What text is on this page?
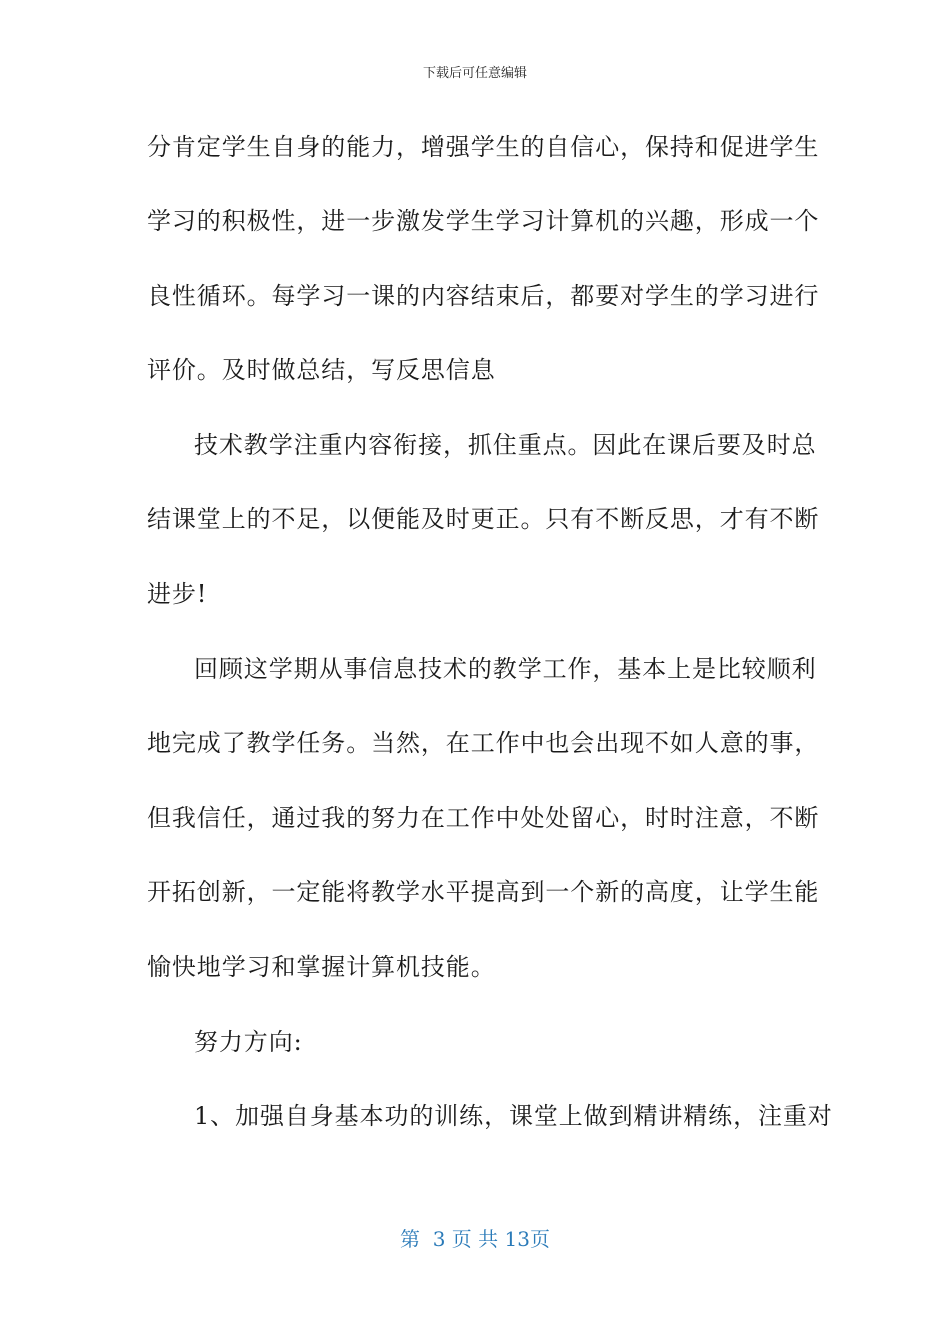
下载后可任意编辑
分肯定学生自身的能力，增强学生的自信心，保持和促进学生
学习的积极性，进一步激发学生学习计算机的兴趣，形成一个
良性循环。每学习一课的内容结束后，都要对学生的学习进行
评价。及时做总结，写反思信息
技术教学注重内容衔接，抓住重点。因此在课后要及时总
结课堂上的不足，以便能及时更正。只有不断反思，才有不断
进步!
回顾这学期从事信息技术的教学工作，基本上是比较顺利
地完成了教学任务。当然，在工作中也会出现不如人意的事，
但我信任，通过我的努力在工作中处处留心，时时注意，不断
开拓创新，一定能将教学水平提高到一个新的高度，让学生能
愉快地学习和掌握计算机技能。
努力方向:
1、加强自身基本功的训练，课堂上做到精讲精练，注重对
第  3 页 共 13页
